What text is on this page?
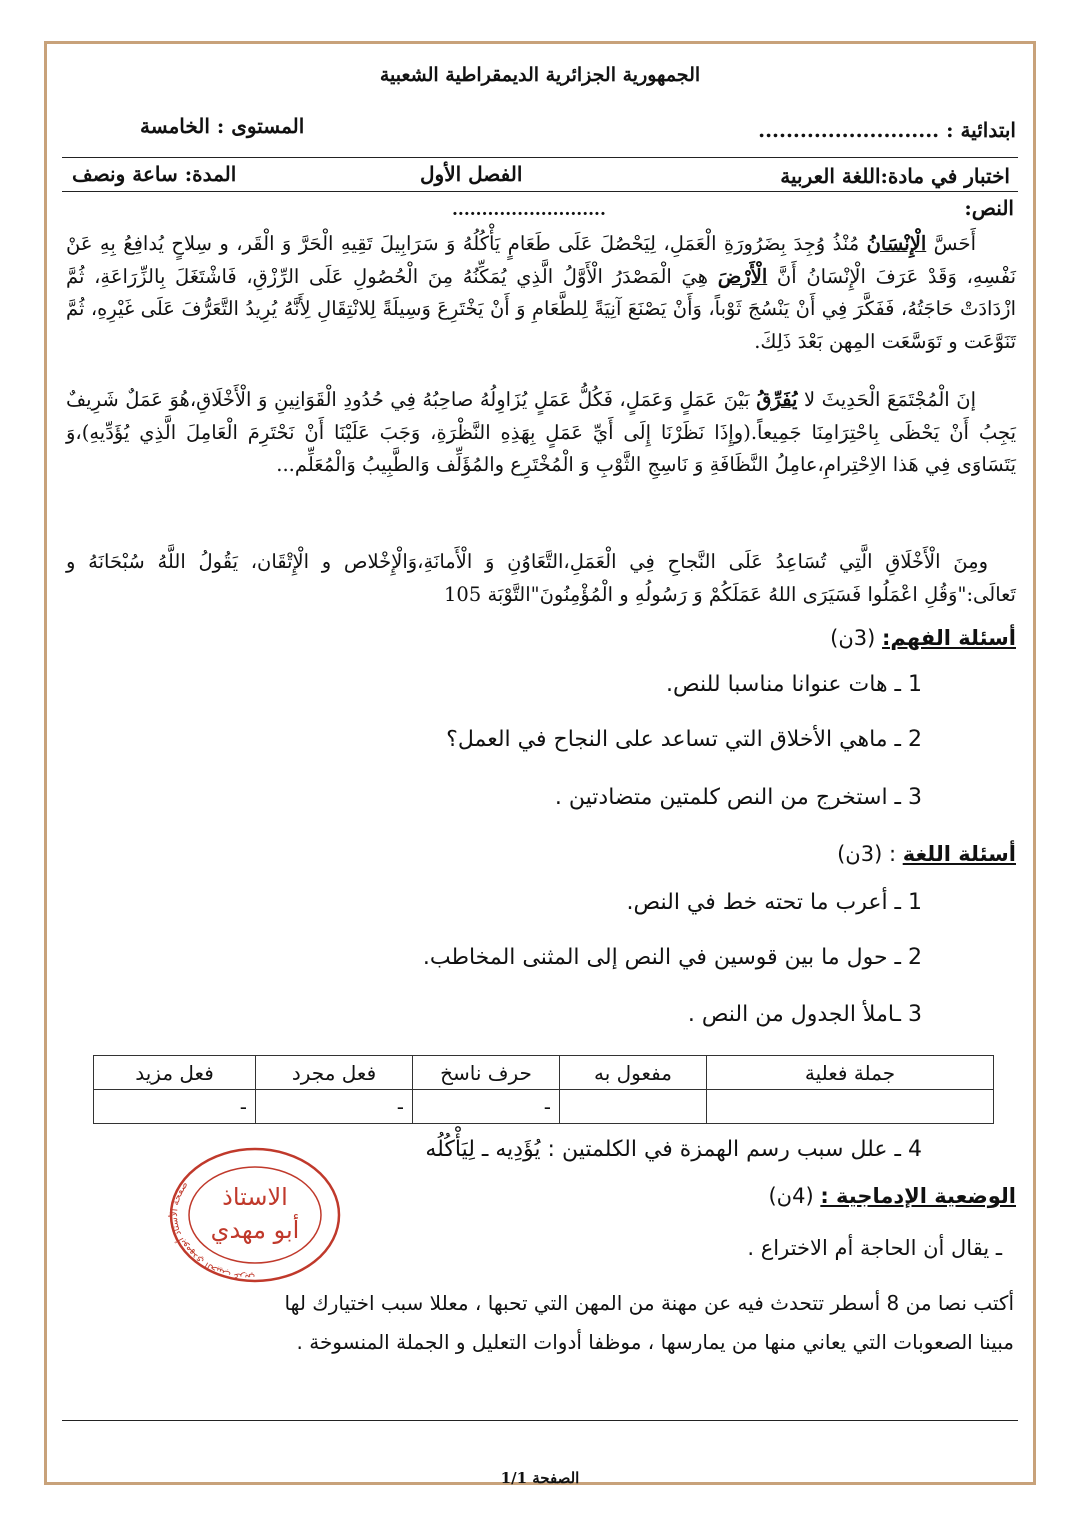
الجمهورية الجزائرية الديمقراطية الشعبية
ابتدائية : ..........................
المستوى : الخامسة
اختبار في مادة:اللغة العربية
الفصل الأول
المدة: ساعة ونصف
النص:
..........................
أَحَسَّ الْإِنْسَانُ مُنْذُ وُجِدَ بِضَرُورَةِ الْعَمَلِ، لِيَحْصُلَ عَلَى طَعَامٍ يَأْكُلُهُ وَ سَرَابِيلَ تَقِيهِ الْحَرَّ وَ الْقَر، و سِلاحٍ يُدافِعُ بِهِ عَنْ نَفْسِهِ، وَقَدْ عَرَفَ الْإِنْسَانُ أَنَّ الْأَرْضَ هِيَ الْمَصْدَرُ الْأَوَّلُ الَّذِي يُمَكِّنُهُ مِنَ الْحُصُولِ عَلَى الرِّزْقِ، فَاشْتَغَلَ بِالزِّرَاعَةِ، ثُمَّ ازْدَادَتْ حَاجَتُهُ، فَفَكَّرَ فِي أَنْ يَنْسُجَ ثَوْباً، وَأَنْ يَصْنَعَ آنِيَةً لِلطَّعَامِ وَ أَنْ يَخْتَرِعَ وَسِيلَةً لِلانْتِقَالِ لِأَنَّهُ يُرِيدُ التَّعَرُّفَ عَلَى غَيْرِهِ، ثُمَّ تَنَوَّعَت و تَوَسَّعَت المِهن بَعْدَ ذَلِكَ.
إنَ الْمُجْتَمَعَ الْحَدِيثَ لا يُفَرِّقُ بَيْنَ عَمَلٍ وَعَمَلٍ، فَكُلُّ عَمَلٍ يُزَاوِلُهُ صاحِبُهُ فِي حُدُودِ الْقَوَانِينِ وَ الْأَخْلَاقِ،هُوَ عَمَلٌ شَرِيفٌ يَجِبُ أَنْ يَحْظَى بِاحْتِرَامِنَا جَمِيعاً.(وإِذَا نَظَرْنَا إِلَى أَيِّ عَمَلٍ بِهَذِهِ النَّظْرَةِ، وَجَبَ عَلَيْنَا أَنْ نَحْتَرِمَ الْعَامِلَ الَّذِي يُؤَدِّيهِ)،وَ يَتَسَاوَى فِي هَذا الاِحْتِرامِ،عامِلُ النَّظَافَةِ وَ نَاسِجِ الثَّوْبِ وَ الْمُخْتَرِع والمُؤَلِّف وَالطَّبِيبُ وَالْمُعَلِّم...
ومِنَ الْأَخْلَاقِ الَّتِي تُسَاعِدُ عَلَى النَّجاحِ فِي الْعَمَلِ،التَّعَاوُنِ وَ الْأَمانَةِ،وَالْإِخْلاص و الْإِتْقَان، يَقُولُ اللَّهُ سُبْحَانَهُ و تَعالَى:"وَقُلِ اعْمَلُوا فَسَيَرَى اللهُ عَمَلَكُمْ وَ رَسُولُهِ و الْمُؤْمِنُونَ"التَّوْبَة 105
أسئلة الفهم: (3ن)
1 ـ هات عنوانا مناسبا للنص.
2 ـ ماهي الأخلاق التي تساعد على النجاح في العمل؟
3 ـ استخرج من النص كلمتين متضادتين .
أسئلة اللغة : (3ن)
1 ـ أعرب ما تحته خط في النص.
2 ـ حول ما بين قوسين في النص إلى المثنى المخاطب.
3 ـاملأ الجدول من النص .
جملة فعلية	مفعول به	حرف ناسخ	فعل مجرد	فعل مزيد
		-	-	-
4 ـ علل سبب رسم الهمزة في الكلمتين : يُؤَدِيه ـ لِيَأْكُلُه
صفحة الأستاذ أبومهدي الحبيب غربي	الاستاذ
أبو مهدي
الوضعية الإدماجية : (4ن)
ـ يقال أن الحاجة أم الاختراع .
أكتب نصا من 8 أسطر تتحدث فيه عن مهنة من المهن التي تحبها ، معللا سبب اختيارك لها
مبينا الصعوبات التي يعاني منها من يمارسها ، موظفا أدوات التعليل و الجملة المنسوخة .
الصفحة 1/1
